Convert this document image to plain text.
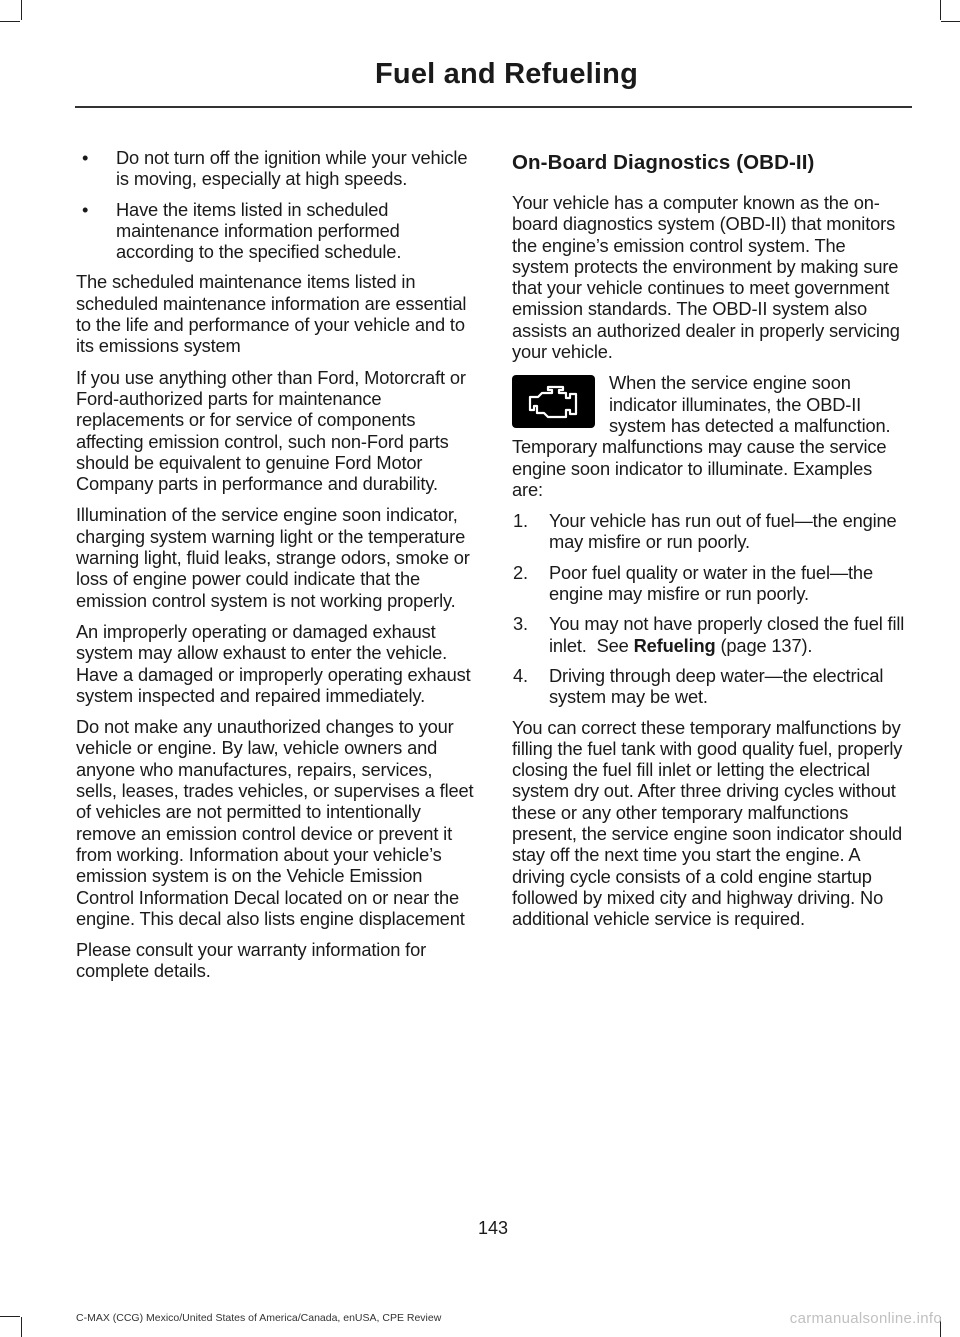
Fuel and Refueling
• Do not turn off the ignition while your vehicle is moving, especially at high speeds.
• Have the items listed in scheduled maintenance information performed according to the specified schedule.

The scheduled maintenance items listed in scheduled maintenance information are essential to the life and performance of your vehicle and to its emissions system

If you use anything other than Ford, Motorcraft or Ford-authorized parts for maintenance replacements or for service of components affecting emission control, such non-Ford parts should be equivalent to genuine Ford Motor Company parts in performance and durability.

Illumination of the service engine soon indicator, charging system warning light or the temperature warning light, fluid leaks, strange odors, smoke or loss of engine power could indicate that the emission control system is not working properly.

An improperly operating or damaged exhaust system may allow exhaust to enter the vehicle. Have a damaged or improperly operating exhaust system inspected and repaired immediately.

Do not make any unauthorized changes to your vehicle or engine. By law, vehicle owners and anyone who manufactures, repairs, services, sells, leases, trades vehicles, or supervises a fleet of vehicles are not permitted to intentionally remove an emission control device or prevent it from working. Information about your vehicle’s emission system is on the Vehicle Emission Control Information Decal located on or near the engine. This decal also lists engine displacement

Please consult your warranty information for complete details.

On-Board Diagnostics (OBD-II)

Your vehicle has a computer known as the on-board diagnostics system (OBD-II) that monitors the engine’s emission control system. The system protects the environment by making sure that your vehicle continues to meet government emission standards. The OBD-II system also assists an authorized dealer in properly servicing your vehicle.

When the service engine soon indicator illuminates, the OBD-II system has detected a malfunction. Temporary malfunctions may cause the service engine soon indicator to illuminate. Examples are:
1. Your vehicle has run out of fuel—the engine may misfire or run poorly.
2. Poor fuel quality or water in the fuel—the engine may misfire or run poorly.
3. You may not have properly closed the fuel fill inlet. See Refueling (page 137).
4. Driving through deep water—the electrical system may be wet.

You can correct these temporary malfunctions by filling the fuel tank with good quality fuel, properly closing the fuel fill inlet or letting the electrical system dry out. After three driving cycles without these or any other temporary malfunctions present, the service engine soon indicator should stay off the next time you start the engine. A driving cycle consists of a cold engine startup followed by mixed city and highway driving. No additional vehicle service is required.

143
C-MAX (CCG) Mexico/United States of America/Canada, enUSA, CPE Review	carmanualsonline.info
